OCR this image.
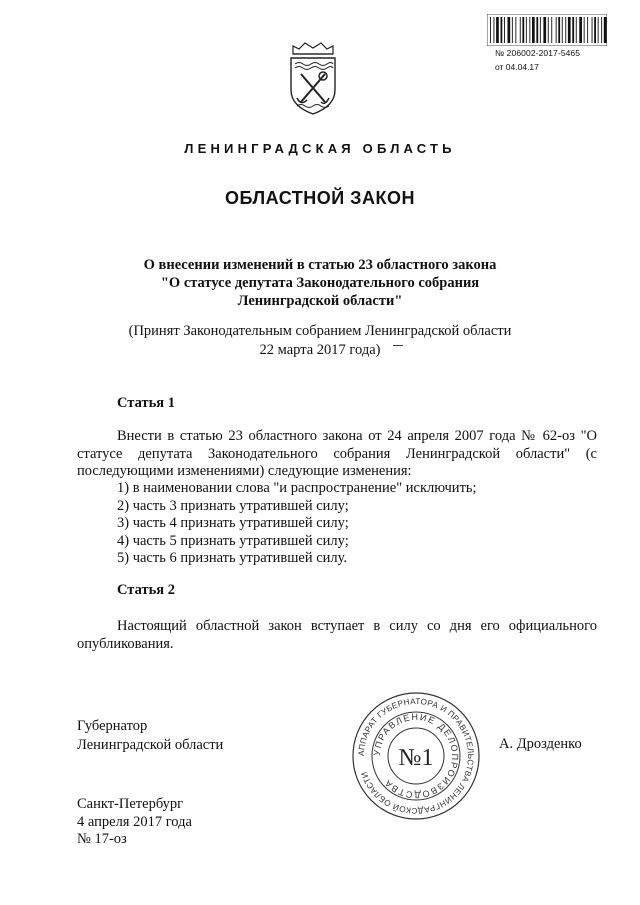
№ 206002-2017-5465
от 04.04.17
ЛЕНИНГРАДСКАЯ ОБЛАСТЬ
ОБЛАСТНОЙ ЗАКОН
О внесении изменений в статью 23 областного закона
"О статусе депутата Законодательного собрания
Ленинградской области"
(Принят Законодательным собранием Ленинградской области
22 марта 2017 года)
Статья 1
Внести в статью 23 областного закона от 24 апреля 2007 года № 62-оз "О статусе депутата Законодательного собрания Ленинградской области" (с последующими изменениями) следующие изменения:
1) в наименовании слова "и распространение" исключить;
2) часть 3 признать утратившей силу;
3) часть 4 признать утратившей силу;
4) часть 5 признать утратившей силу;
5) часть 6 признать утратившей силу.
Статья 2
Настоящий областной закон вступает в силу со дня его официального опубликования.
Губернатор
Ленинградской области
АППАРАТ ГУБЕРНАТОРА И ПРАВИТЕЛЬСТВА ЛЕНИНГРАДСКОЙ ОБЛАСТИ
УПРАВЛЕНИЕ ДЕЛОПРОИЗВОДСТВА
№1
А. Дрозденко
Санкт-Петербург
4 апреля 2017 года
№ 17-оз
